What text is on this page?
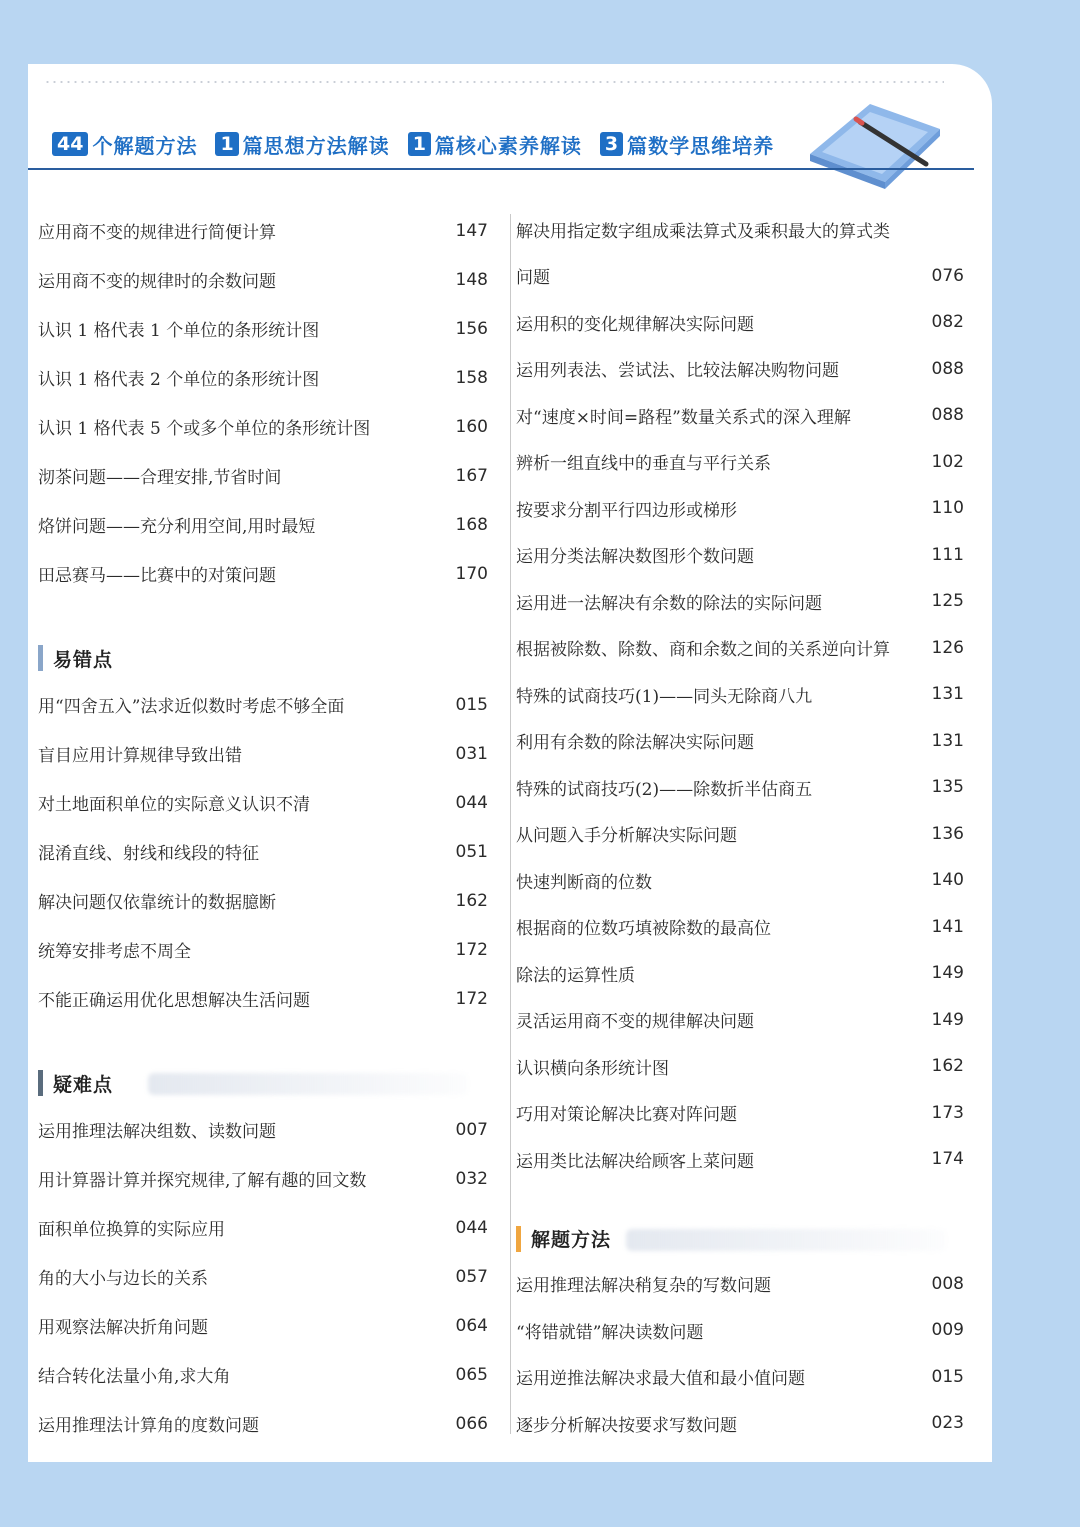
44 个解题方法 1 篇思想方法解读 1 篇核心素养解读 3 篇数学思维培养
应用商不变的规律进行简便计算	147
运用商不变的规律时的余数问题	148
认识 1 格代表 1 个单位的条形统计图	156
认识 1 格代表 2 个单位的条形统计图	158
认识 1 格代表 5 个或多个单位的条形统计图	160
沏茶问题——合理安排,节省时间	167
烙饼问题——充分利用空间,用时最短	168
田忌赛马——比赛中的对策问题	170
易错点
用“四舍五入”法求近似数时考虑不够全面	015
盲目应用计算规律导致出错	031
对土地面积单位的实际意义认识不清	044
混淆直线、射线和线段的特征	051
解决问题仅依靠统计的数据臆断	162
统筹安排考虑不周全	172
不能正确运用优化思想解决生活问题	172
疑难点
运用推理法解决组数、读数问题	007
用计算器计算并探究规律,了解有趣的回文数	032
面积单位换算的实际应用	044
角的大小与边长的关系	057
用观察法解决折角问题	064
结合转化法量小角,求大角	065
运用推理法计算角的度数问题	066
解决用指定数字组成乘法算式及乘积最大的算式类
问题	076
运用积的变化规律解决实际问题	082
运用列表法、尝试法、比较法解决购物问题	088
对“速度×时间=路程”数量关系式的深入理解	088
辨析一组直线中的垂直与平行关系	102
按要求分割平行四边形或梯形	110
运用分类法解决数图形个数问题	111
运用进一法解决有余数的除法的实际问题	125
根据被除数、除数、商和余数之间的关系逆向计算	126
特殊的试商技巧(1)——同头无除商八九	131
利用有余数的除法解决实际问题	131
特殊的试商技巧(2)——除数折半估商五	135
从问题入手分析解决实际问题	136
快速判断商的位数	140
根据商的位数巧填被除数的最高位	141
除法的运算性质	149
灵活运用商不变的规律解决问题	149
认识横向条形统计图	162
巧用对策论解决比赛对阵问题	173
运用类比法解决给顾客上菜问题	174
解题方法
运用推理法解决稍复杂的写数问题	008
“将错就错”解决读数问题	009
运用逆推法解决求最大值和最小值问题	015
逐步分析解决按要求写数问题	023
